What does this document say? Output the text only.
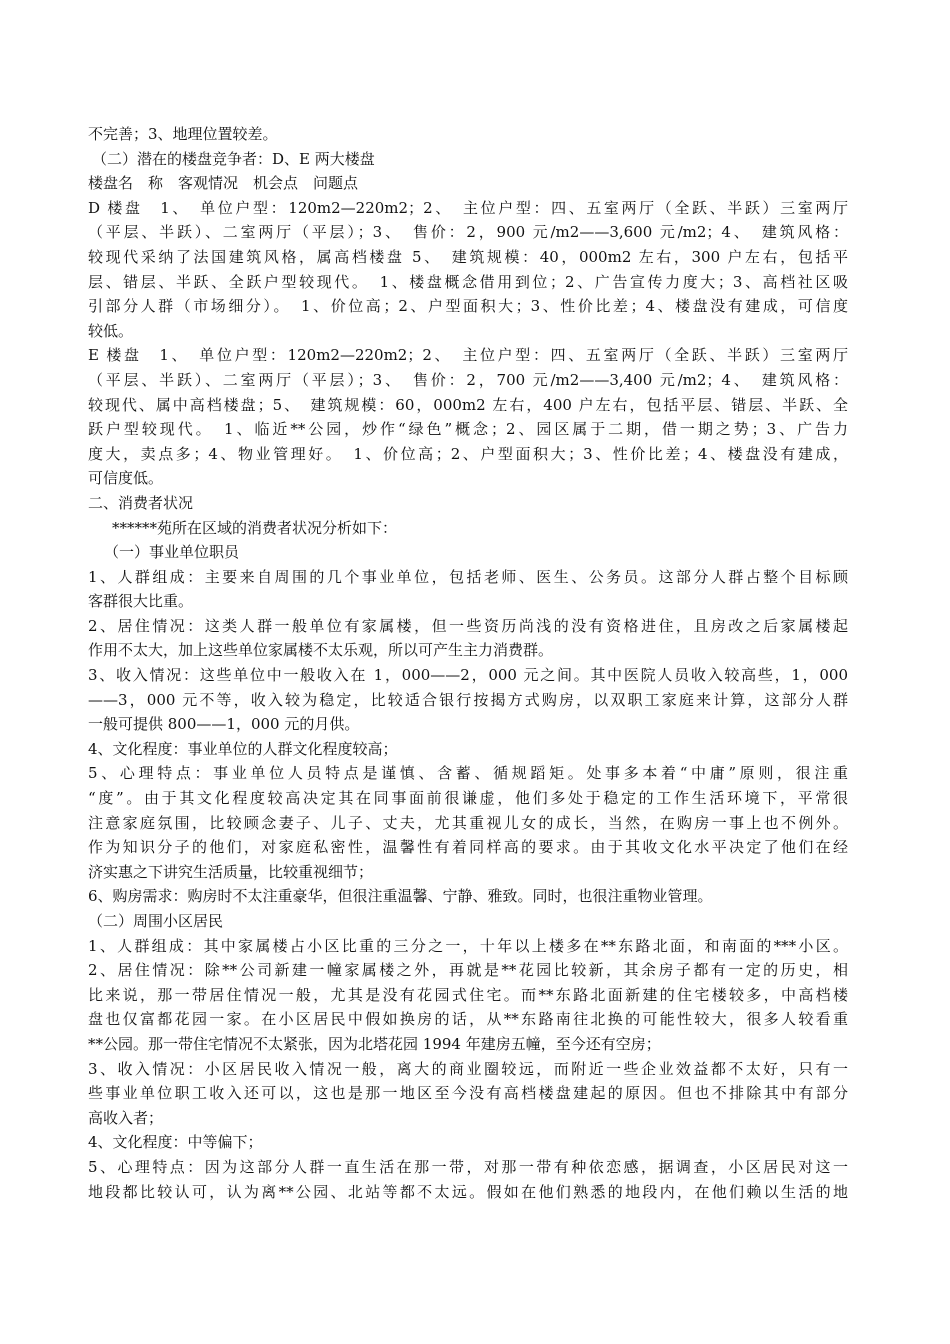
不完善；3、地理位置较差。
（二）潜在的楼盘竞争者：D、E 两大楼盘
楼盘名　称　客观情况　机会点　问题点
D 楼盘　1、　单位户型：120m2—220m2；2、　主位户型：四、五室两厅（全跃、半跃）三室两厅
（平层、半跃）、二室两厅（平层）；3、　售价：2，900 元/m2——3,600 元/m2；4、　建筑风格：
较现代采纳了法国建筑风格，属高档楼盘 5、　建筑规模：40，000m2 左右，300 户左右，包括平
层、错层、半跃、全跃户型较现代。　1、楼盘概念借用到位；2、广告宣传力度大；3、高档社区吸
引部分人群（市场细分）。　1、价位高；2、户型面积大；3、性价比差；4、楼盘没有建成，可信度
较低。
E 楼盘　1、　单位户型：120m2—220m2；2、　主位户型：四、五室两厅（全跃、半跃）三室两厅
（平层、半跃）、二室两厅（平层）；3、　售价：2，700 元/m2——3,400 元/m2；4、　建筑风格：
较现代、属中高档楼盘；5、　建筑规模：60，000m2 左右，400 户左右，包括平层、错层、半跃、全
跃户型较现代。　1、临近**公园，炒作“绿色”概念；2、园区属于二期，借一期之势；3、广告力
度大，卖点多；4、物业管理好。　1、价位高；2、户型面积大；3、性价比差；4、楼盘没有建成，
可信度低。
二、消费者状况
******苑所在区域的消费者状况分析如下：
（一）事业单位职员
1、人群组成：主要来自周围的几个事业单位，包括老师、医生、公务员。这部分人群占整个目标顾
客群很大比重。
2、居住情况：这类人群一般单位有家属楼，但一些资历尚浅的没有资格进住，且房改之后家属楼起
作用不太大，加上这些单位家属楼不太乐观，所以可产生主力消费群。
3、收入情况：这些单位中一般收入在 1，000——2，000 元之间。其中医院人员收入较高些，1，000
——3，000 元不等，收入较为稳定，比较适合银行按揭方式购房，以双职工家庭来计算，这部分人群
一般可提供 800——1，000 元的月供。
4、文化程度：事业单位的人群文化程度较高；
5、心理特点：事业单位人员特点是谨慎、含蓄、循规蹈矩。处事多本着“中庸”原则，很注重
“度”。由于其文化程度较高决定其在同事面前很谦虚，他们多处于稳定的工作生活环境下，平常很
注意家庭氛围，比较顾念妻子、儿子、丈夫，尤其重视儿女的成长，当然，在购房一事上也不例外。
作为知识分子的他们，对家庭私密性，温馨性有着同样高的要求。由于其收文化水平决定了他们在经
济实惠之下讲究生活质量，比较重视细节；
6、购房需求：购房时不太注重豪华，但很注重温馨、宁静、雅致。同时，也很注重物业管理。
（二）周围小区居民
1、人群组成：其中家属楼占小区比重的三分之一，十年以上楼多在**东路北面，和南面的***小区。
2、居住情况：除**公司新建一幢家属楼之外，再就是**花园比较新，其余房子都有一定的历史，相
比来说，那一带居住情况一般，尤其是没有花园式住宅。而**东路北面新建的住宅楼较多，中高档楼
盘也仅富都花园一家。在小区居民中假如换房的话，从**东路南往北换的可能性较大，很多人较看重
**公园。那一带住宅情况不太紧张，因为北塔花园 1994 年建房五幢，至今还有空房；
3、收入情况：小区居民收入情况一般，离大的商业圈较远，而附近一些企业效益都不太好，只有一
些事业单位职工收入还可以，这也是那一地区至今没有高档楼盘建起的原因。但也不排除其中有部分
高收入者；
4、文化程度：中等偏下；
5、心理特点：因为这部分人群一直生活在那一带，对那一带有种依恋感，据调查，小区居民对这一
地段都比较认可，认为离**公园、北站等都不太远。假如在他们熟悉的地段内，在他们赖以生活的地
